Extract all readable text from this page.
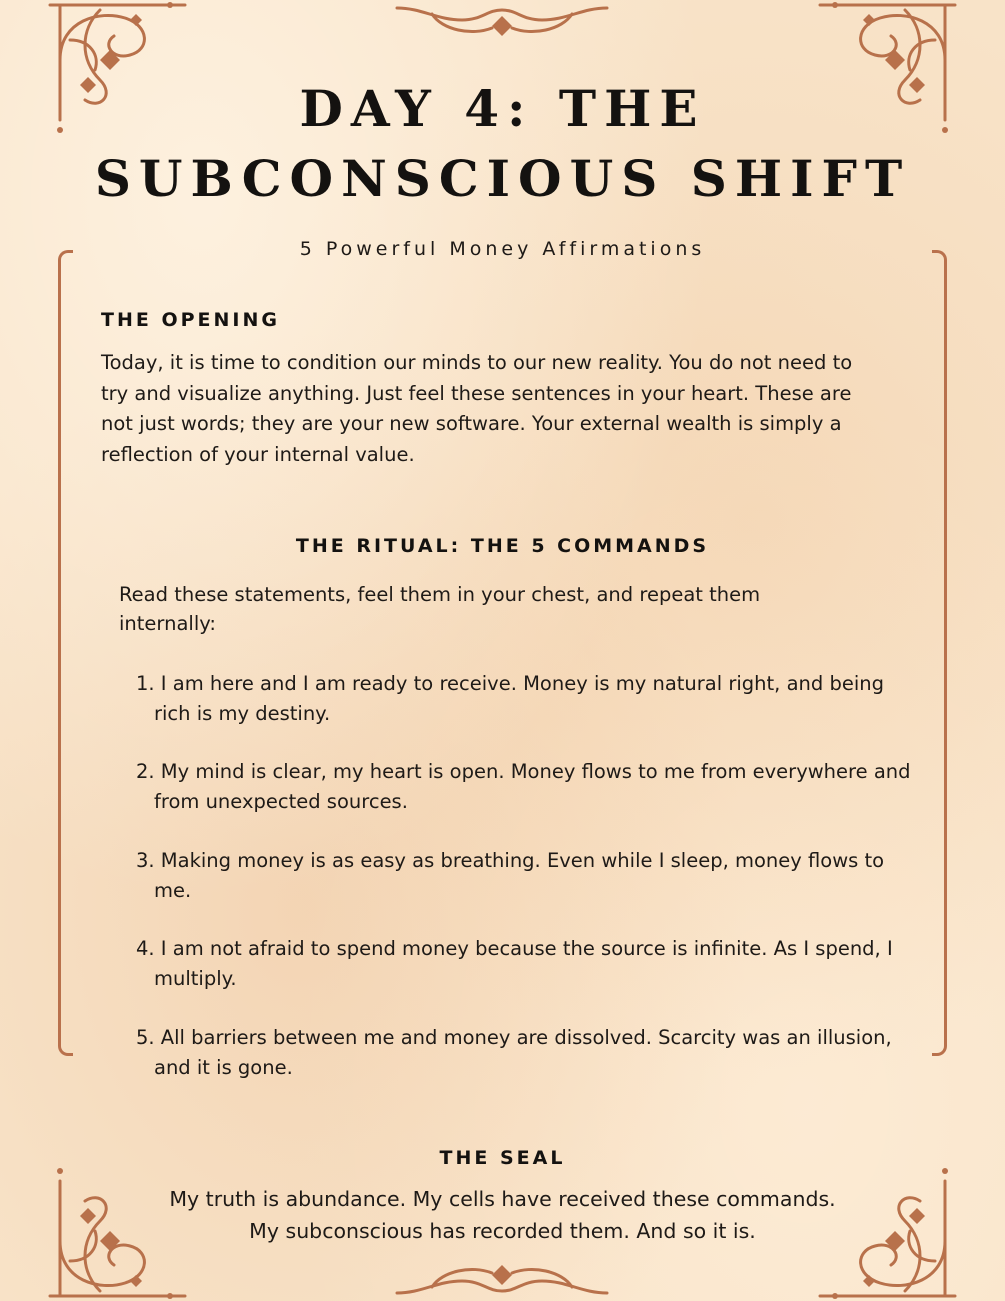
DAY 4: THE
SUBCONSCIOUS SHIFT
5 Powerful Money Affirmations
THE OPENING
Today, it is time to condition our minds to our new reality. You do not need to try and visualize anything. Just feel these sentences in your heart. These are not just words; they are your new software. Your external wealth is simply a reflection of your internal value.
THE RITUAL: THE 5 COMMANDS
Read these statements, feel them in your chest, and repeat them internally:
1. I am here and I am ready to receive. Money is my natural right, and being rich is my destiny.
2. My mind is clear, my heart is open. Money flows to me from everywhere and from unexpected sources.
3. Making money is as easy as breathing. Even while I sleep, money flows to me.
4. I am not afraid to spend money because the source is infinite. As I spend, I multiply.
5. All barriers between me and money are dissolved. Scarcity was an illusion, and it is gone.
THE SEAL
My truth is abundance. My cells have received these commands.
My subconscious has recorded them. And so it is.
